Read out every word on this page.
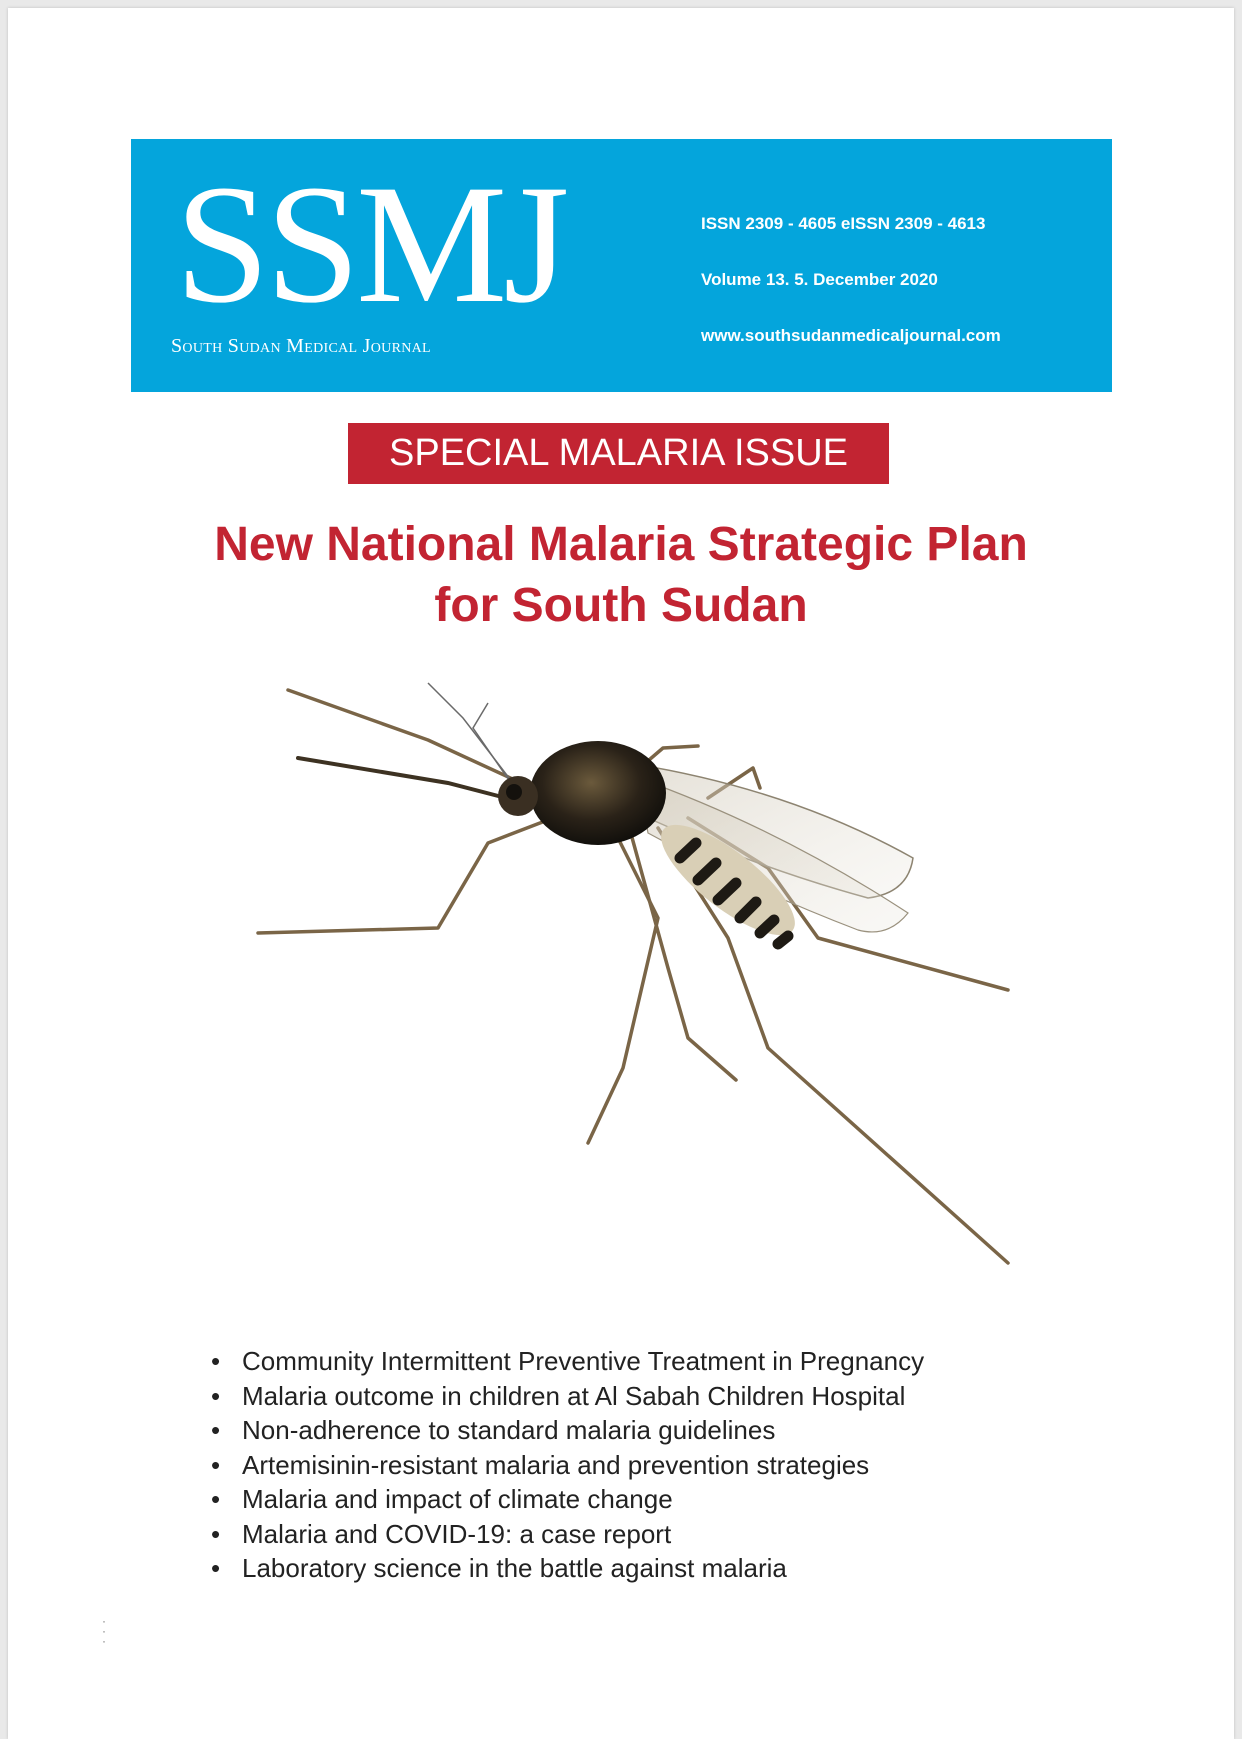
SSMJ
South Sudan Medical Journal
ISSN 2309 - 4605 eISSN 2309 - 4613
Volume 13. 5. December 2020
www.southsudanmedicaljournal.com
SPECIAL MALARIA ISSUE
New National Malaria Strategic Plan
for South Sudan
• Community Intermittent Preventive Treatment in Pregnancy
• Malaria outcome in children at Al Sabah Children Hospital
• Non-adherence to standard malaria guidelines
• Artemisinin-resistant malaria and prevention strategies
• Malaria and impact of climate change
• Malaria and COVID-19: a case report
• Laboratory science in the battle against malaria
·
·
·
